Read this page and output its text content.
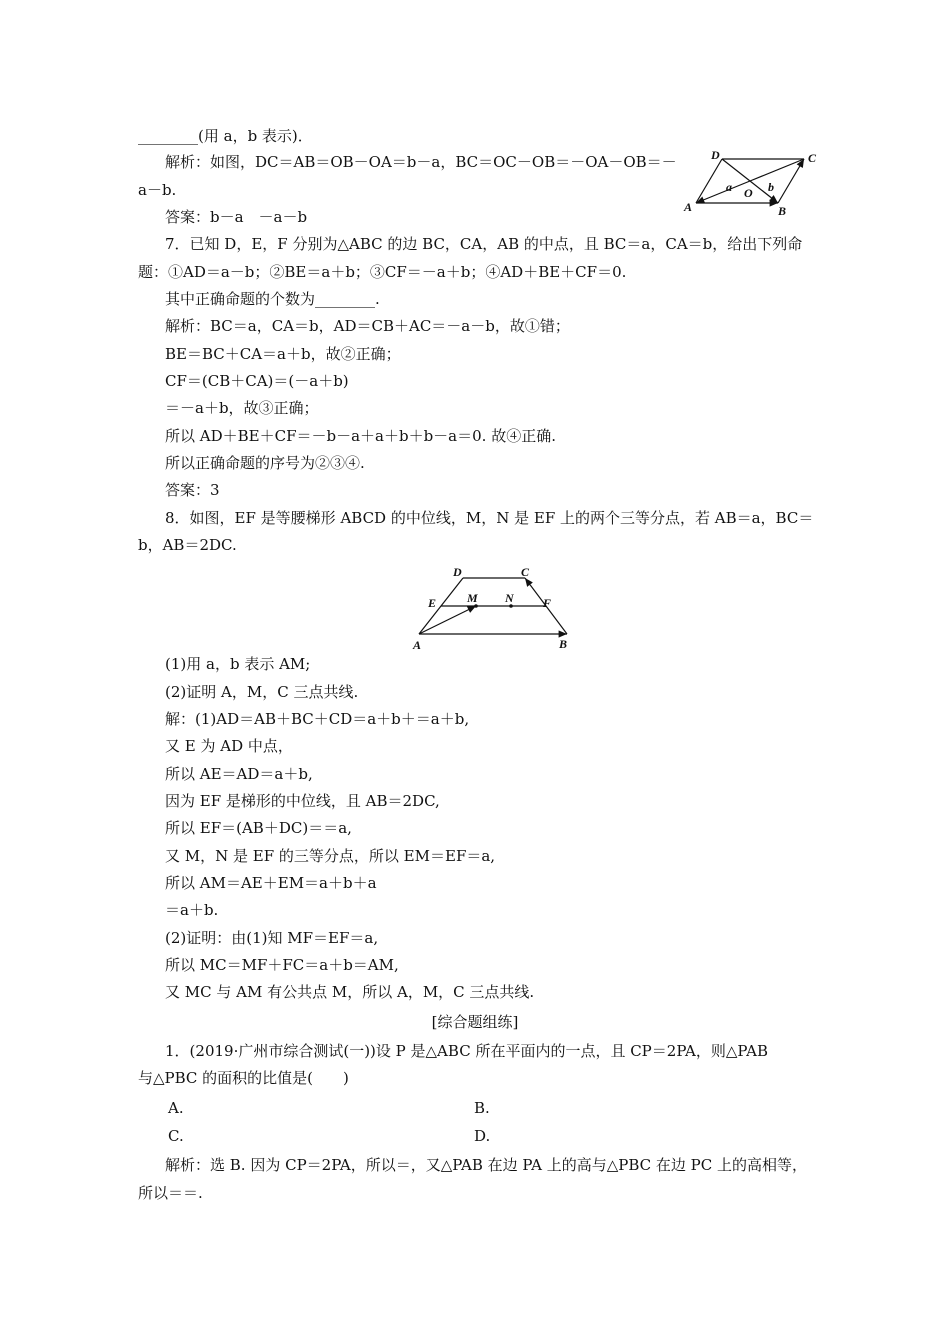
________(用 a，b 表示)．
解析：如图，DC＝AB＝OB－OA＝b－a，BC＝OC－OB＝－OA－OB＝－
a－b.
答案：b－a　－a－b
7．已知 D，E，F 分别为△ABC 的边 BC，CA，AB 的中点，且 BC＝a，CA＝b，给出下列命
题：①AD＝a－b；②BE＝a＋b；③CF＝－a＋b；④AD＋BE＋CF＝0.
其中正确命题的个数为________.
解析：BC＝a，CA＝b，AD＝CB＋AC＝－a－b，故①错；
BE＝BC＋CA＝a＋b，故②正确；
CF＝(CB＋CA)＝(－a＋b)
＝－a＋b，故③正确；
所以 AD＋BE＋CF＝－b－a＋a＋b＋b－a＝0. 故④正确.
所以正确命题的序号为②③④.
答案：3
8．如图，EF 是等腰梯形 ABCD 的中位线，M，N 是 EF 上的两个三等分点，若 AB＝a，BC＝
b，AB＝2DC.
(1)用 a，b 表示 AM;
(2)证明 A，M，C 三点共线.
解：(1)AD＝AB＋BC＋CD＝a＋b＋＝a＋b,
又 E 为 AD 中点，
所以 AE＝AD＝a＋b,
因为 EF 是梯形的中位线，且 AB＝2DC,
所以 EF＝(AB＋DC)＝＝a,
又 M，N 是 EF 的三等分点，所以 EM＝EF＝a,
所以 AM＝AE＋EM＝a＋b＋a
＝a＋b.
(2)证明：由(1)知 MF＝EF＝a,
所以 MC＝MF＋FC＝a＋b＝AM,
又 MC 与 AM 有公共点 M，所以 A，M，C 三点共线.
[综合题组练]
1．(2019·广州市综合测试(一))设 P 是△ABC 所在平面内的一点，且 CP＝2PA，则△PAB
与△PBC 的面积的比值是(　　)
A.	B.
C.	D.
解析：选 B. 因为 CP＝2PA，所以＝，又△PAB 在边 PA 上的高与△PBC 在边 PC 上的高相等，
所以＝＝.
D	C
a O b
A	B
D	C
E	M N F
A	B
